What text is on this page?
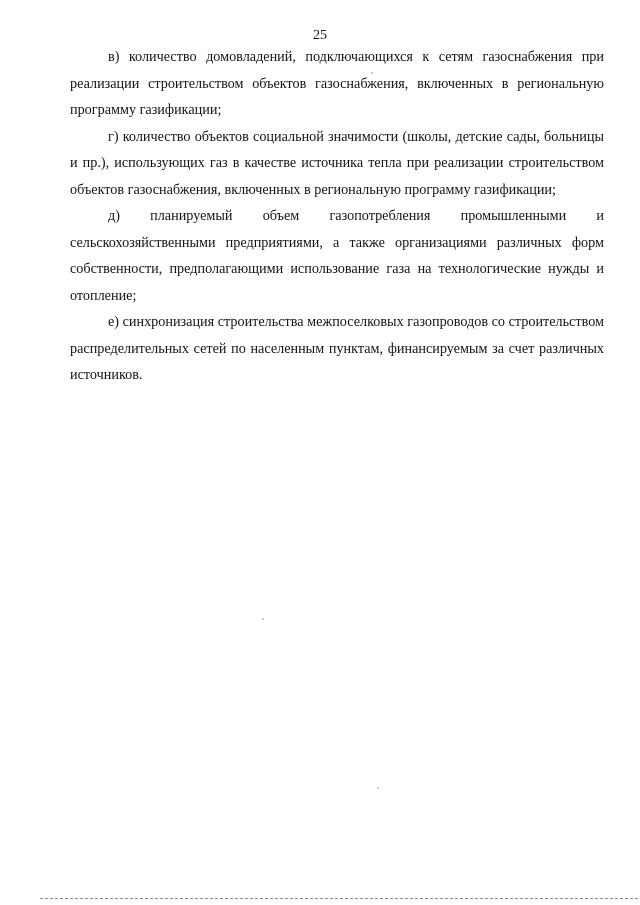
25

в) количество домовладений, подключающихся к сетям газоснабжения при реализации строительством объектов газоснабжения, включенных в региональную программу газификации;

г) количество объектов социальной значимости (школы, детские сады, больницы и пр.), использующих газ в качестве источника тепла при реализации строительством объектов газоснабжения, включенных в региональную программу газификации;

д) планируемый объем газопотребления промышленными и сельскохозяйственными предприятиями, а также организациями различных форм собственности, предполагающими использование газа на технологические нужды и отопление;

е) синхронизация строительства межпоселковых газопроводов со строительством распределительных сетей по населенным пунктам, финансируемым за счет различных источников.
